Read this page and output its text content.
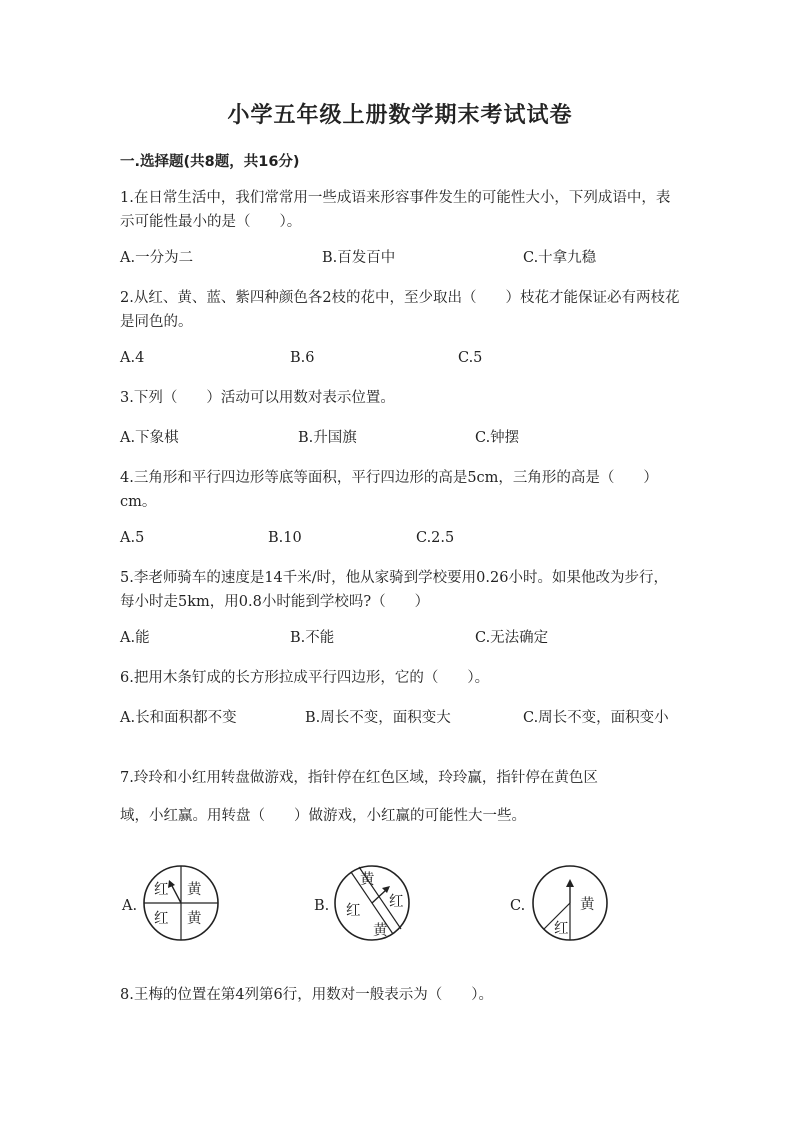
小学五年级上册数学期末考试试卷
一.选择题(共8题，共16分)
1.在日常生活中，我们常常用一些成语来形容事件发生的可能性大小，下列成语中，表示可能性最小的是（　　）。
A.一分为二	B.百发百中	C.十拿九稳
2.从红、黄、蓝、紫四种颜色各2枝的花中，至少取出（　　）枝花才能保证必有两枝花是同色的。
A.4	B.6	C.5
3.下列（　　）活动可以用数对表示位置。
A.下象棋	B.升国旗	C.钟摆
4.三角形和平行四边形等底等面积，平行四边形的高是5cm，三角形的高是（　　）cm。
A.5	B.10	C.2.5
5.李老师骑车的速度是14千米/时，他从家骑到学校要用0.26小时。如果他改为步行，每小时走5km，用0.8小时能到学校吗?（　　）
A.能	B.不能	C.无法确定
6.把用木条钉成的长方形拉成平行四边形，它的（　　）。
A.长和面积都不变	B.周长不变，面积变大	C.周长不变，面积变小
7.玲玲和小红用转盘做游戏，指针停在红色区域，玲玲赢，指针停在黄色区
域，小红赢。用转盘（　　）做游戏，小红赢的可能性大一些。
A.
红 黄
红 黄
B.
黄
红
红
黄
C.	黄
红
8.王梅的位置在第4列第6行，用数对一般表示为（　　）。
